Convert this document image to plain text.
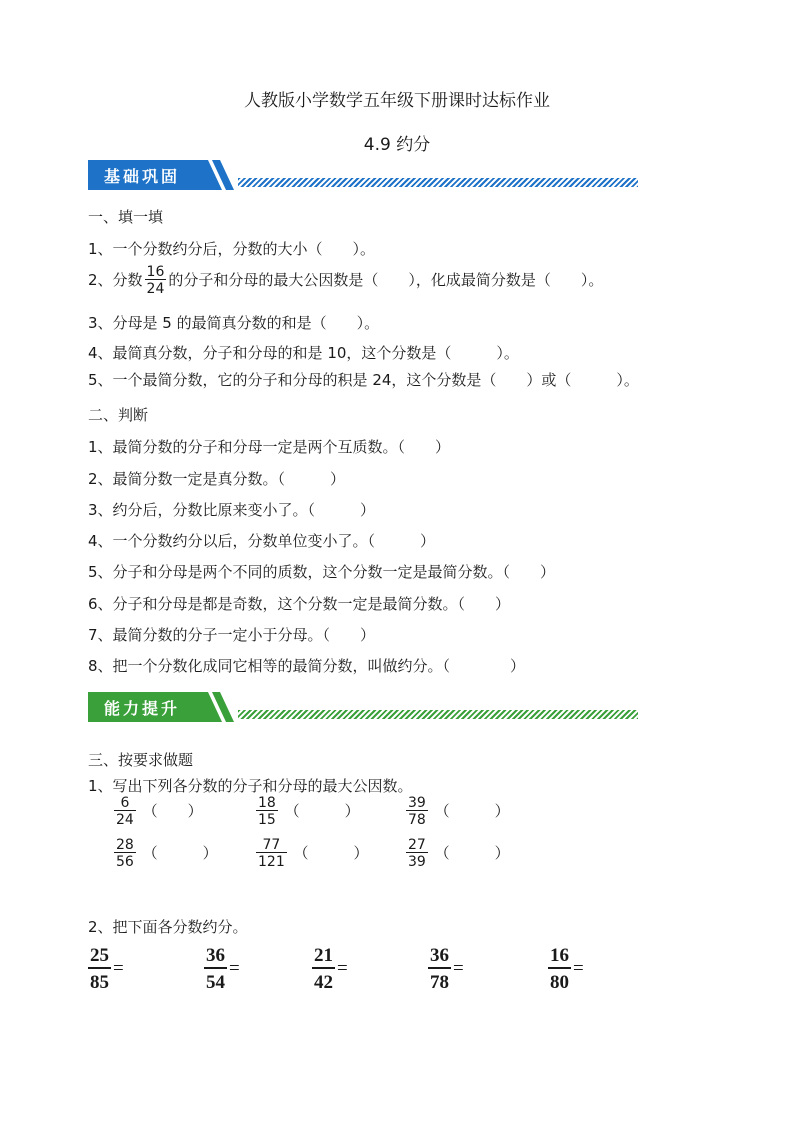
人教版小学数学五年级下册课时达标作业
4.9 约分
基础巩固
一、填一填
1、一个分数约分后，分数的大小（　　）。
2、分数 $\frac{16}{24}$ 的分子和分母的最大公因数是（　　），化成最简分数是（　　）。
3、分母是 5 的最简真分数的和是（　　）。
4、最简真分数，分子和分母的和是 10，这个分数是（　　　）。
5、一个最简分数，它的分子和分母的积是 24，这个分数是（　　）或（　　　）。
二、判断
1、最简分数的分子和分母一定是两个互质数。（　　）
2、最简分数一定是真分数。（　　　）
3、约分后，分数比原来变小了。（　　　）
4、一个分数约分以后，分数单位变小了。（　　　）
5、分子和分母是两个不同的质数，这个分数一定是最简分数。（　　）
6、分子和分母是都是奇数，这个分数一定是最简分数。（　　）
7、最简分数的分子一定小于分母。（　　）
8、把一个分数化成同它相等的最简分数，叫做约分。（　　　　）
能力提升
三、按要求做题
1、写出下列各分数的分子和分母的最大公因数。
$\frac{6}{24}$ （　　）	$\frac{18}{15}$ （　　　）	$\frac{39}{78}$ （　　　）
$\frac{28}{56}$ （　　　）	$\frac{77}{121}$ （　　　）	$\frac{27}{39}$ （　　　）
2、把下面各分数约分。
$\frac{25}{85}$ =	$\frac{36}{54}$ =	$\frac{21}{42}$ =	$\frac{36}{78}$ =	$\frac{16}{80}$ =
